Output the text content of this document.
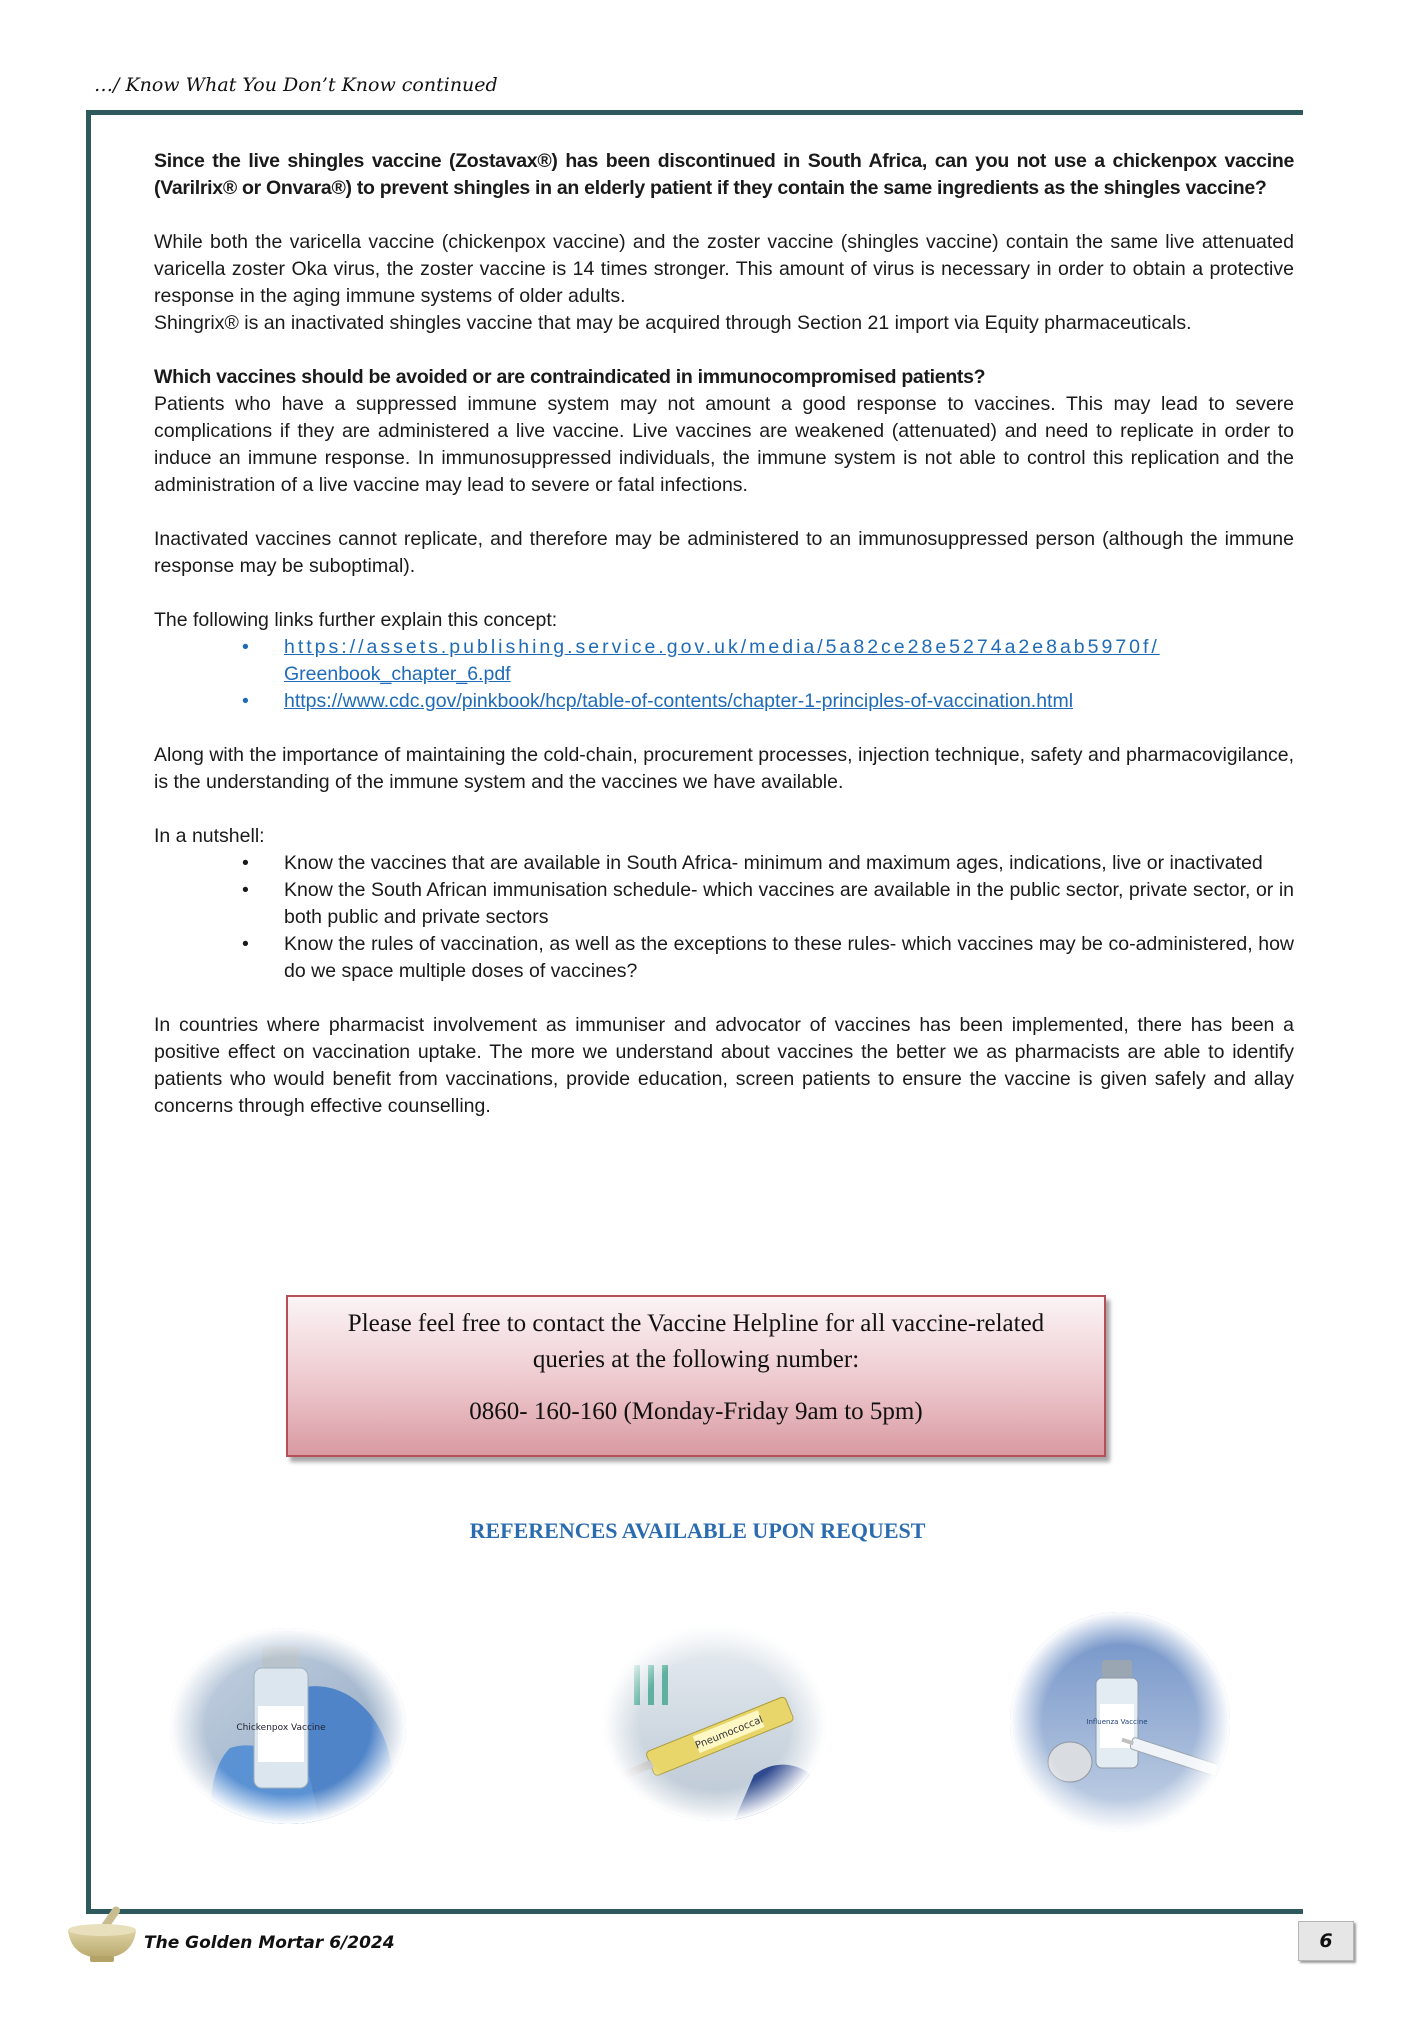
…/ Know What You Don’t Know continued

Since the live shingles vaccine (Zostavax®) has been discontinued in South Africa, can you not use a chickenpox vaccine (Varilrix® or Onvara®) to prevent shingles in an elderly patient if they contain the same ingredients as the shingles vaccine?

While both the varicella vaccine (chickenpox vaccine) and the zoster vaccine (shingles vaccine) contain the same live attenuated varicella zoster Oka virus, the zoster vaccine is 14 times stronger. This amount of virus is necessary in order to obtain a protective response in the aging immune systems of older adults.

Shingrix® is an inactivated shingles vaccine that may be acquired through Section 21 import via Equity pharmaceuticals.

Which vaccines should be avoided or are contraindicated in immunocompromised patients?

Patients who have a suppressed immune system may not amount a good response to vaccines. This may lead to severe complications if they are administered a live vaccine. Live vaccines are weakened (attenuated) and need to replicate in order to induce an immune response. In immunosuppressed individuals, the immune system is not able to control this replication and the administration of a live vaccine may lead to severe or fatal infections.

Inactivated vaccines cannot replicate, and therefore may be administered to an immunosuppressed person (although the immune response may be suboptimal).

The following links further explain this concept:

• https://assets.publishing.service.gov.uk/media/5a82ce28e5274a2e8ab5970f/
Greenbook_chapter_6.pdf
• https://www.cdc.gov/pinkbook/hcp/table-of-contents/chapter-1-principles-of-vaccination.html

Along with the importance of maintaining the cold-chain, procurement processes, injection technique, safety and pharmacovigilance, is the understanding of the immune system and the vaccines we have available.

In a nutshell:

• Know the vaccines that are available in South Africa- minimum and maximum ages, indications, live or inactivated
• Know the South African immunisation schedule- which vaccines are available in the public sector, private sector, or in both public and private sectors
• Know the rules of vaccination, as well as the exceptions to these rules- which vaccines may be co-administered, how do we space multiple doses of vaccines?

In countries where pharmacist involvement as immuniser and advocator of vaccines has been implemented, there has been a positive effect on vaccination uptake. The more we understand about vaccines the better we as pharmacists are able to identify patients who would benefit from vaccinations, provide education, screen patients to ensure the vaccine is given safely and allay concerns through effective counselling.

Please feel free to contact the Vaccine Helpline for all vaccine-related
queries at the following number:
0860- 160-160 (Monday-Friday 9am to 5pm)
REFERENCES AVAILABLE UPON REQUEST
The Golden Mortar 6/2024	6
